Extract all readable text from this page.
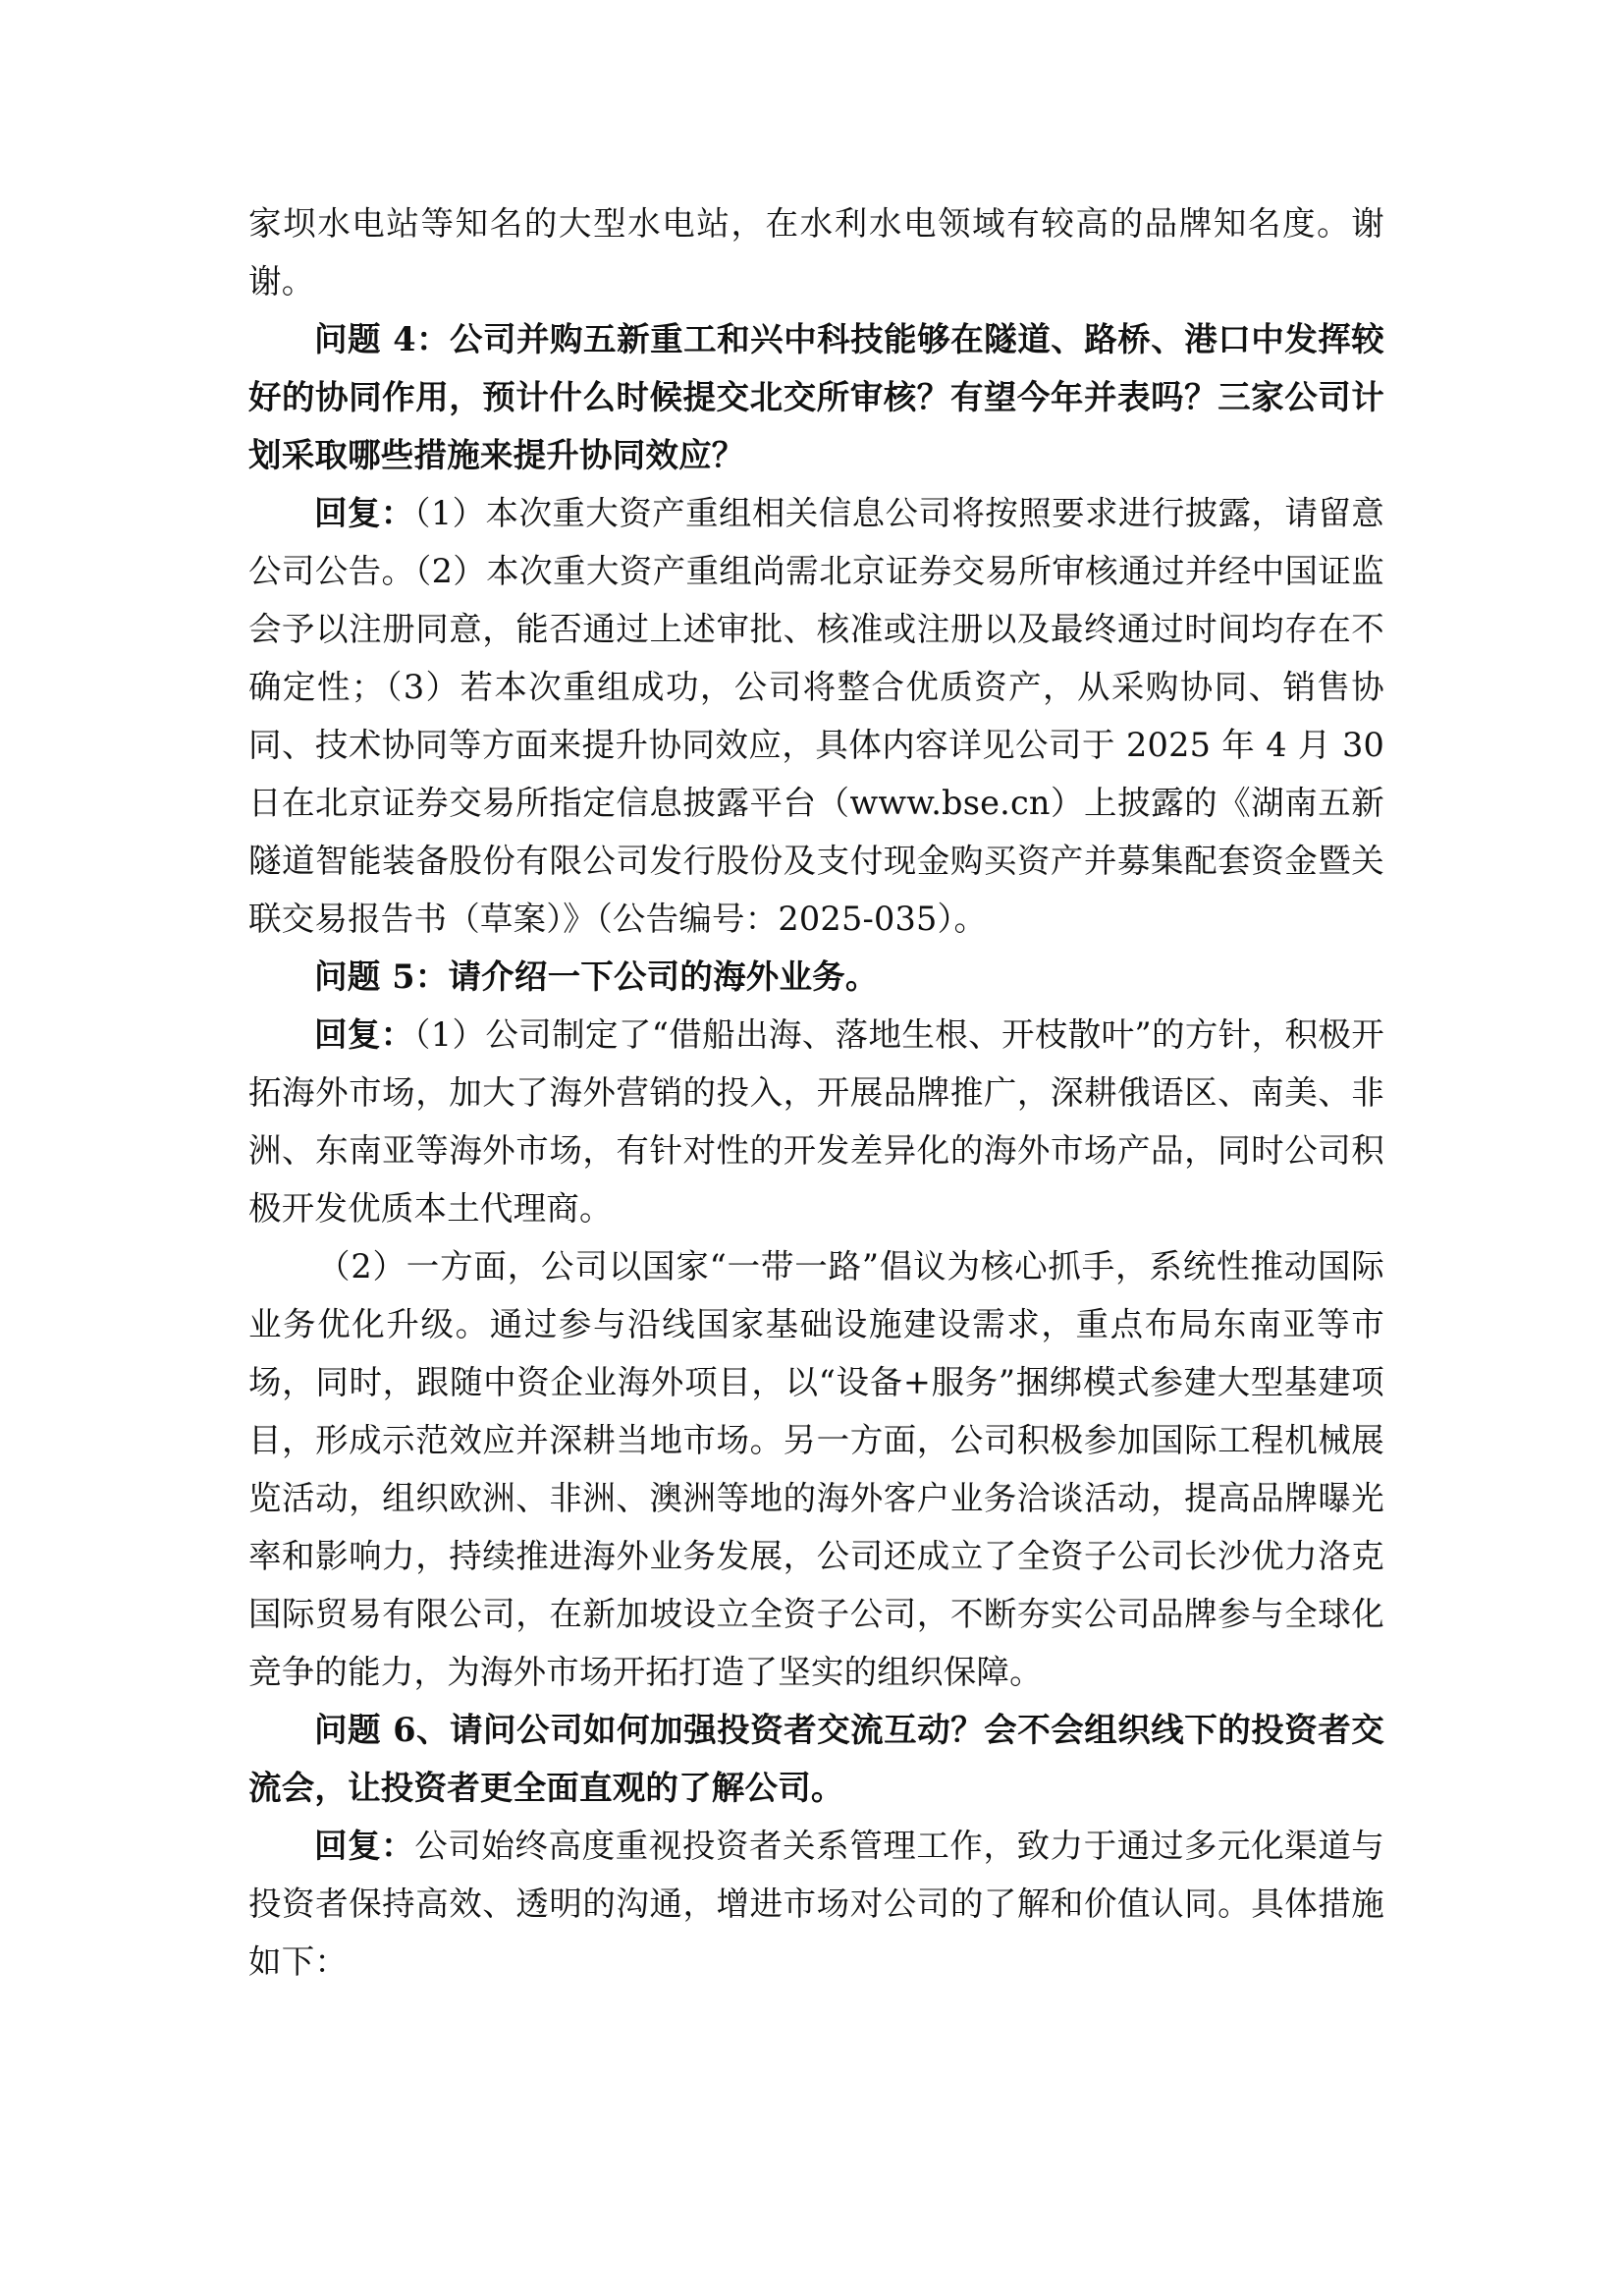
家坝水电站等知名的大型水电站，在水利水电领域有较高的品牌知名度。谢谢。

问题 4：公司并购五新重工和兴中科技能够在隧道、路桥、港口中发挥较好的协同作用，预计什么时候提交北交所审核？有望今年并表吗？三家公司计划采取哪些措施来提升协同效应？

回复：（1）本次重大资产重组相关信息公司将按照要求进行披露，请留意公司公告。（2）本次重大资产重组尚需北京证券交易所审核通过并经中国证监会予以注册同意，能否通过上述审批、核准或注册以及最终通过时间均存在不确定性；（3）若本次重组成功，公司将整合优质资产，从采购协同、销售协同、技术协同等方面来提升协同效应，具体内容详见公司于 2025 年 4 月 30 日在北京证券交易所指定信息披露平台（www.bse.cn）上披露的《湖南五新隧道智能装备股份有限公司发行股份及支付现金购买资产并募集配套资金暨关联交易报告书（草案）》（公告编号：2025-035）。

问题 5：请介绍一下公司的海外业务。

回复：（1）公司制定了“借船出海、落地生根、开枝散叶”的方针，积极开拓海外市场，加大了海外营销的投入，开展品牌推广，深耕俄语区、南美、非洲、东南亚等海外市场，有针对性的开发差异化的海外市场产品，同时公司积极开发优质本土代理商。

（2）一方面，公司以国家“一带一路”倡议为核心抓手，系统性推动国际业务优化升级。通过参与沿线国家基础设施建设需求，重点布局东南亚等市场，同时，跟随中资企业海外项目，以“设备+服务”捆绑模式参建大型基建项目，形成示范效应并深耕当地市场。另一方面，公司积极参加国际工程机械展览活动，组织欧洲、非洲、澳洲等地的海外客户业务洽谈活动，提高品牌曝光率和影响力，持续推进海外业务发展，公司还成立了全资子公司长沙优力洛克国际贸易有限公司，在新加坡设立全资子公司，不断夯实公司品牌参与全球化竞争的能力，为海外市场开拓打造了坚实的组织保障。

问题 6、请问公司如何加强投资者交流互动？会不会组织线下的投资者交流会，让投资者更全面直观的了解公司。

回复：公司始终高度重视投资者关系管理工作，致力于通过多元化渠道与投资者保持高效、透明的沟通，增进市场对公司的了解和价值认同。具体措施如下：
